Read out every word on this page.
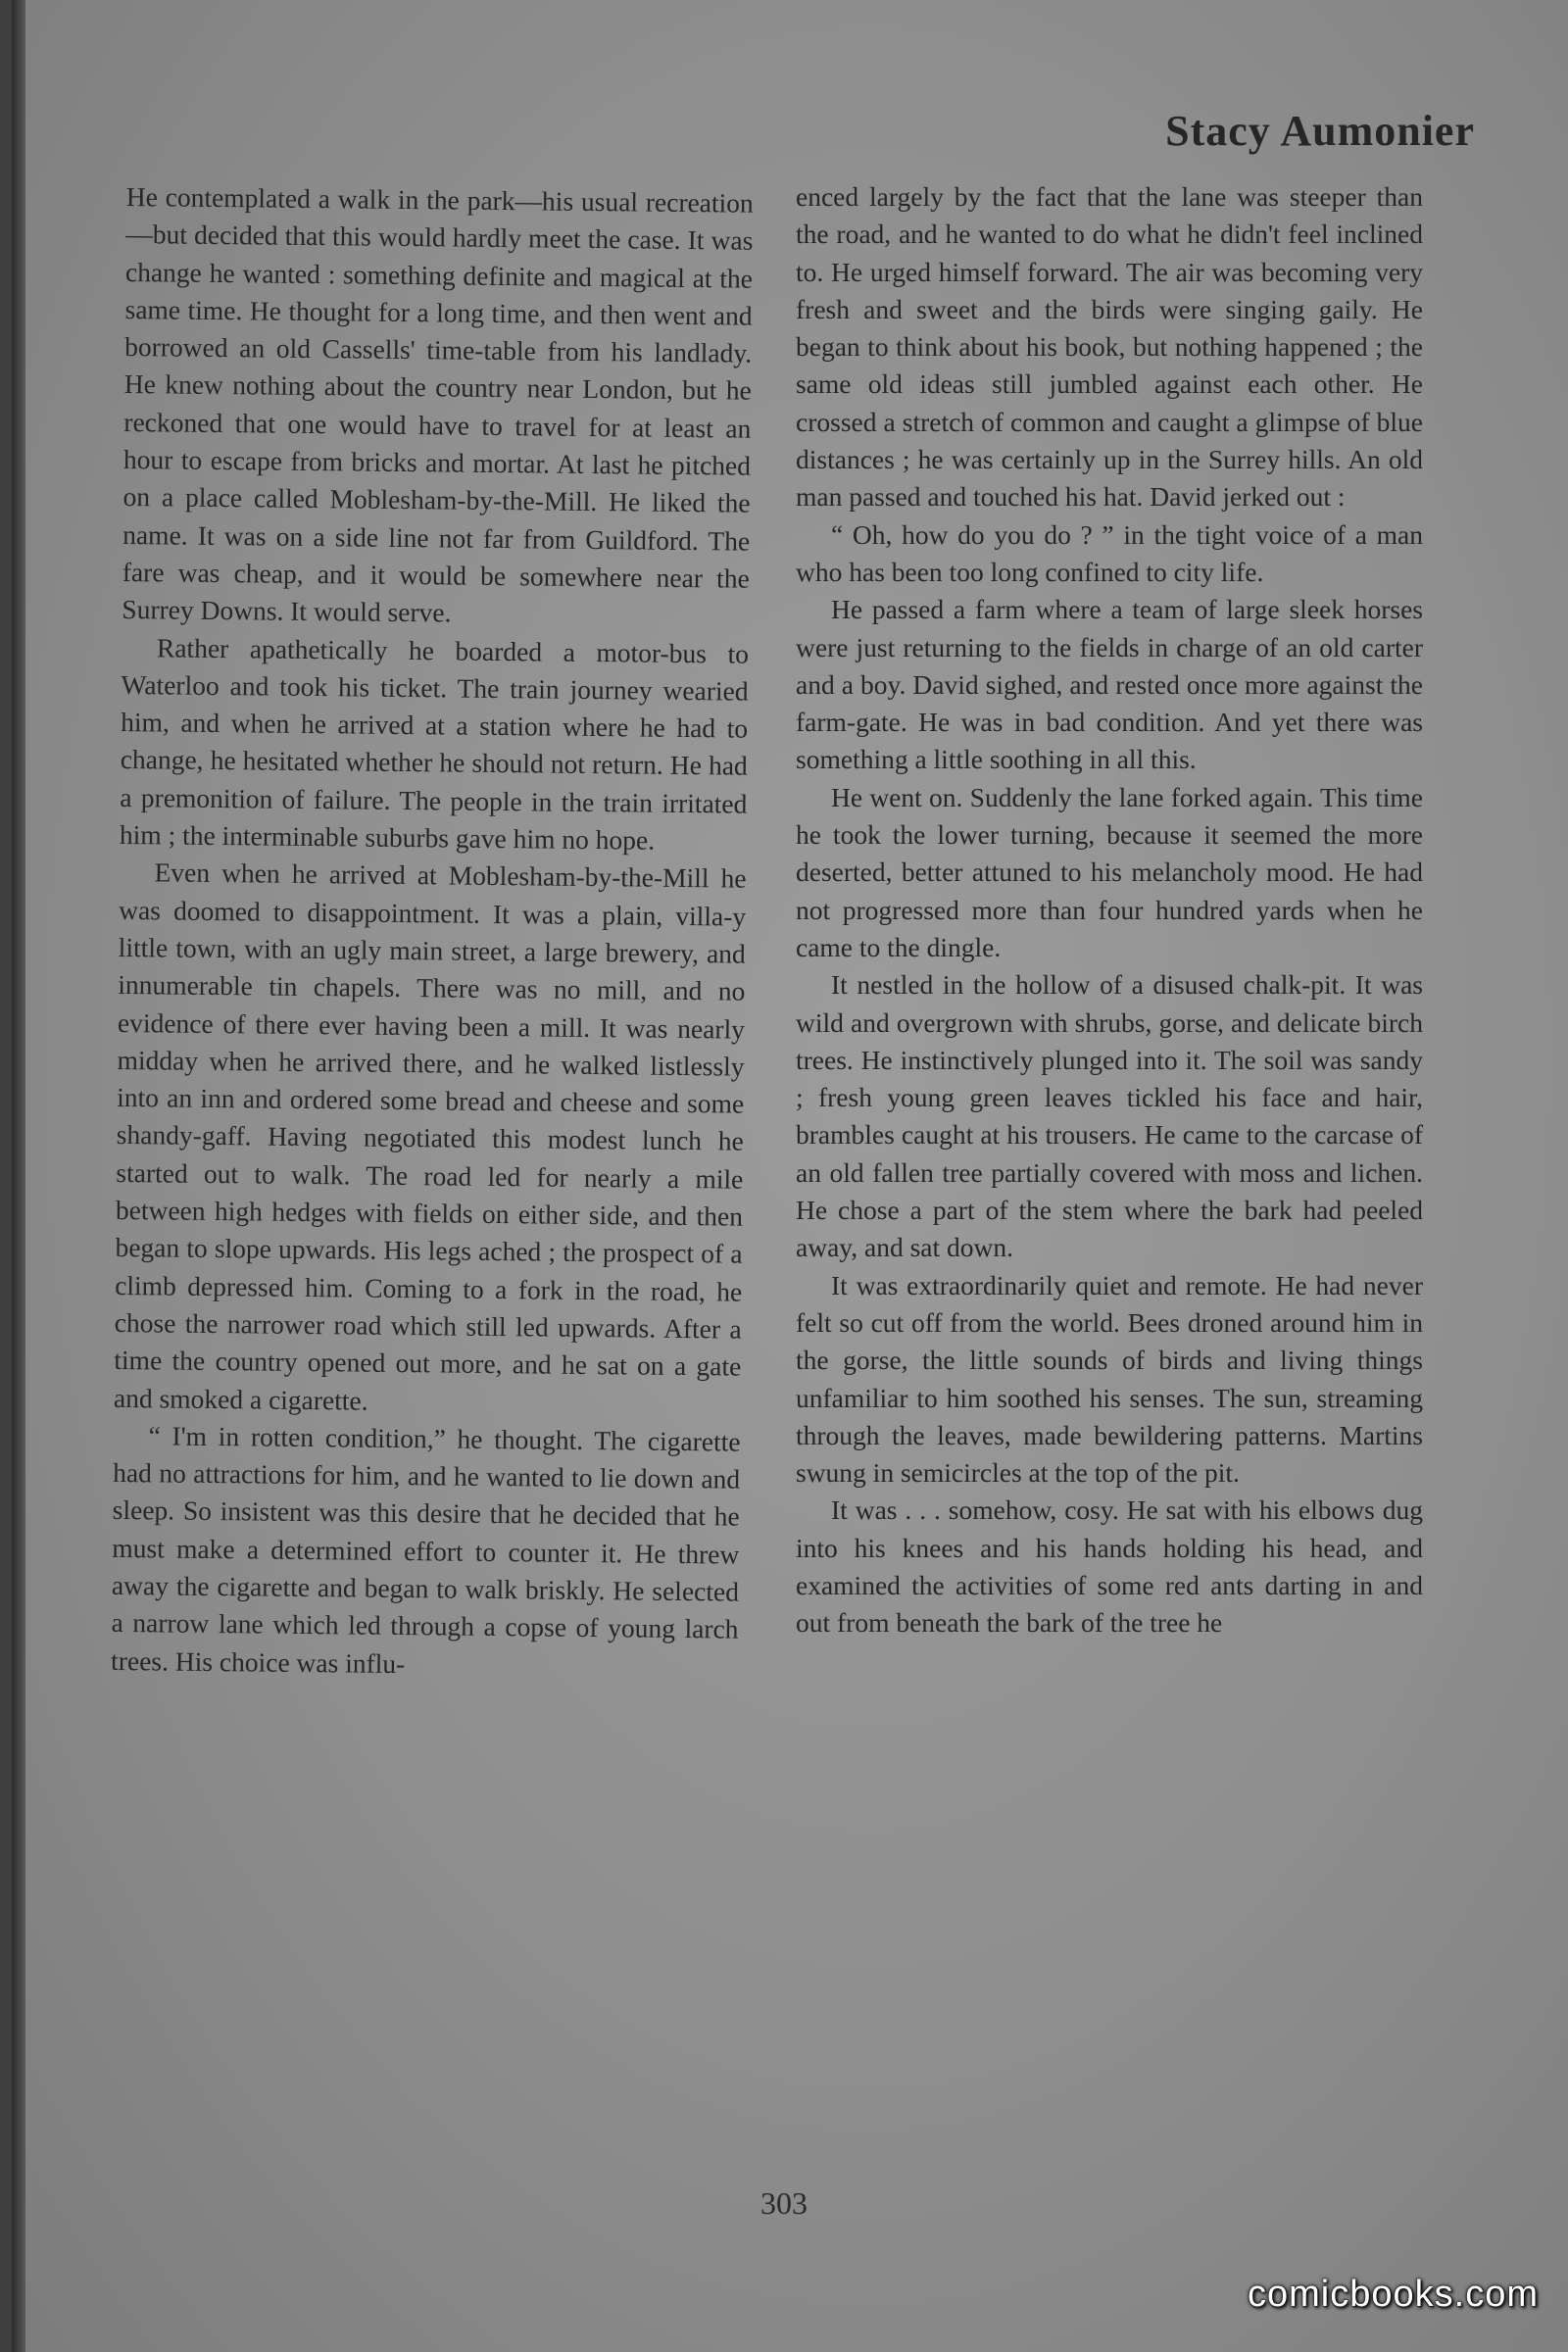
Stacy Aumonier

He contemplated a walk in the park—his usual recreation—but decided that this would hardly meet the case. It was change he wanted : something definite and magical at the same time. He thought for a long time, and then went and borrowed an old Cassells' time-table from his landlady. He knew nothing about the country near London, but he reckoned that one would have to travel for at least an hour to escape from bricks and mortar. At last he pitched on a place called Moblesham-by-the-Mill. He liked the name. It was on a side line not far from Guildford. The fare was cheap, and it would be somewhere near the Surrey Downs. It would serve.

Rather apathetically he boarded a motor-bus to Waterloo and took his ticket. The train journey wearied him, and when he arrived at a station where he had to change, he hesitated whether he should not return. He had a premonition of failure. The people in the train irritated him ; the interminable suburbs gave him no hope.

Even when he arrived at Moblesham-by-the-Mill he was doomed to disappointment. It was a plain, villa-y little town, with an ugly main street, a large brewery, and innumerable tin chapels. There was no mill, and no evidence of there ever having been a mill. It was nearly midday when he arrived there, and he walked listlessly into an inn and ordered some bread and cheese and some shandy-gaff. Having negotiated this modest lunch he started out to walk. The road led for nearly a mile between high hedges with fields on either side, and then began to slope upwards. His legs ached ; the prospect of a climb depressed him. Coming to a fork in the road, he chose the narrower road which still led upwards. After a time the country opened out more, and he sat on a gate and smoked a cigarette.

“ I'm in rotten condition,” he thought. The cigarette had no attractions for him, and he wanted to lie down and sleep. So insistent was this desire that he decided that he must make a determined effort to counter it. He threw away the cigarette and began to walk briskly. He selected a narrow lane which led through a copse of young larch trees. His choice was influ-

enced largely by the fact that the lane was steeper than the road, and he wanted to do what he didn't feel inclined to. He urged himself forward. The air was becoming very fresh and sweet and the birds were singing gaily. He began to think about his book, but nothing happened ; the same old ideas still jumbled against each other. He crossed a stretch of common and caught a glimpse of blue distances ; he was certainly up in the Surrey hills. An old man passed and touched his hat. David jerked out :

“ Oh, how do you do ? ” in the tight voice of a man who has been too long confined to city life.

He passed a farm where a team of large sleek horses were just returning to the fields in charge of an old carter and a boy. David sighed, and rested once more against the farm-gate. He was in bad condition. And yet there was something a little soothing in all this.

He went on. Suddenly the lane forked again. This time he took the lower turning, because it seemed the more deserted, better attuned to his melancholy mood. He had not progressed more than four hundred yards when he came to the dingle.

It nestled in the hollow of a disused chalk-pit. It was wild and overgrown with shrubs, gorse, and delicate birch trees. He instinctively plunged into it. The soil was sandy ; fresh young green leaves tickled his face and hair, brambles caught at his trousers. He came to the carcase of an old fallen tree partially covered with moss and lichen. He chose a part of the stem where the bark had peeled away, and sat down.

It was extraordinarily quiet and remote. He had never felt so cut off from the world. Bees droned around him in the gorse, the little sounds of birds and living things unfamiliar to him soothed his senses. The sun, streaming through the leaves, made bewildering patterns. Martins swung in semicircles at the top of the pit.

It was . . . somehow, cosy. He sat with his elbows dug into his knees and his hands holding his head, and examined the activities of some red ants darting in and out from beneath the bark of the tree he

303
comicbooks.com
